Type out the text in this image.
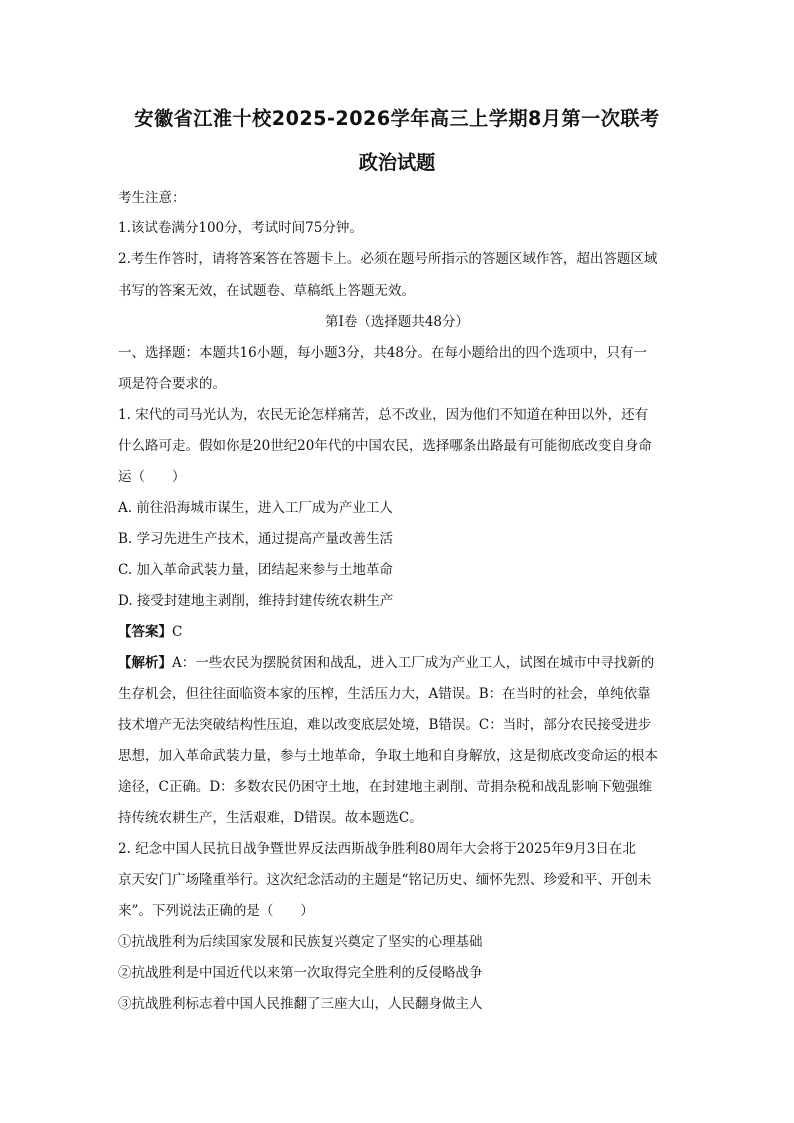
安徽省江淮十校2025-2026学年高三上学期8月第一次联考
政治试题
考生注意：
1.该试卷满分100分，考试时间75分钟。
2.考生作答时，请将答案答在答题卡上。必须在题号所指示的答题区域作答，超出答题区域
书写的答案无效，在试题卷、草稿纸上答题无效。
第Ⅰ卷（选择题共48分）
一、选择题：本题共16小题，每小题3分，共48分。在每小题给出的四个选项中，只有一
项是符合要求的。
1. 宋代的司马光认为，农民无论怎样痛苦，总不改业，因为他们不知道在种田以外，还有
什么路可走。假如你是20世纪20年代的中国农民，选择哪条出路最有可能彻底改变自身命
运（　　）
A. 前往沿海城市谋生，进入工厂成为产业工人
B. 学习先进生产技术，通过提高产量改善生活
C. 加入革命武装力量，团结起来参与土地革命
D. 接受封建地主剥削，维持封建传统农耕生产
【答案】C
【解析】A：一些农民为摆脱贫困和战乱，进入工厂成为产业工人，试图在城市中寻找新的
生存机会，但往往面临资本家的压榨，生活压力大，A错误。B：在当时的社会，单纯依靠
技术增产无法突破结构性压迫，难以改变底层处境，B错误。C：当时，部分农民接受进步
思想，加入革命武装力量，参与土地革命，争取土地和自身解放，这是彻底改变命运的根本
途径，C正确。D：多数农民仍困守土地，在封建地主剥削、苛捐杂税和战乱影响下勉强维
持传统农耕生产，生活艰难，D错误。故本题选C。
2. 纪念中国人民抗日战争暨世界反法西斯战争胜利80周年大会将于2025年9月3日在北
京天安门广场隆重举行。这次纪念活动的主题是“铭记历史、缅怀先烈、珍爱和平、开创未
来”。下列说法正确的是（　　）
①抗战胜利为后续国家发展和民族复兴奠定了坚实的心理基础
②抗战胜利是中国近代以来第一次取得完全胜利的反侵略战争
③抗战胜利标志着中国人民推翻了三座大山，人民翻身做主人
